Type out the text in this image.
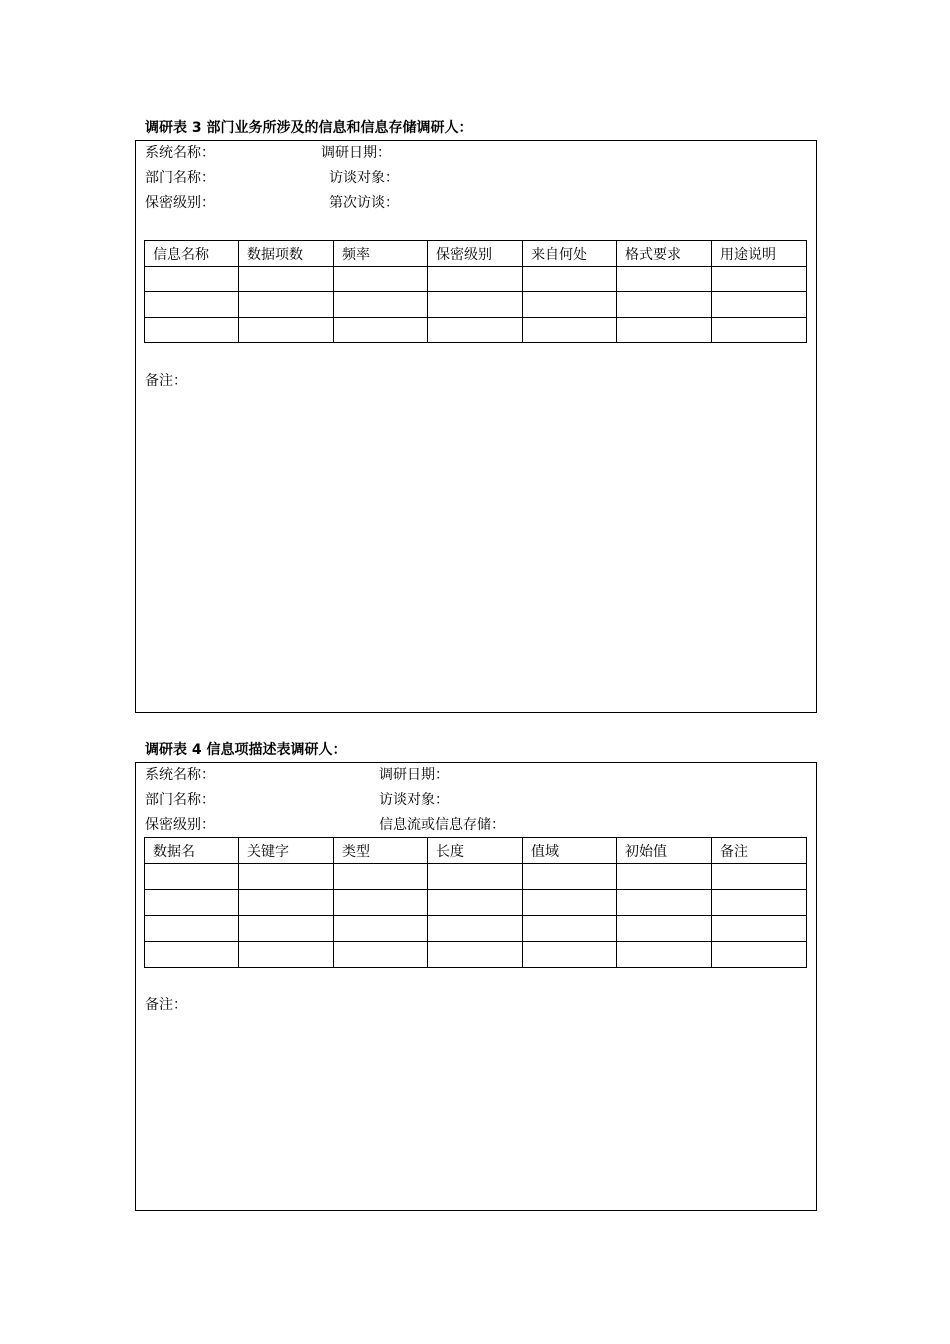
调研表 3 部门业务所涉及的信息和信息存储调研人：
系统名称：	调研日期：
部门名称：	访谈对象：
保密级别：	第次访谈：
信息名称	数据项数	频率	保密级别	来自何处	格式要求	用途说明

备注：
调研表 4 信息项描述表调研人：
系统名称：	调研日期：
部门名称：	访谈对象：
保密级别：	信息流或信息存储：
数据名	关键字	类型	长度	值域	初始值	备注

备注：
